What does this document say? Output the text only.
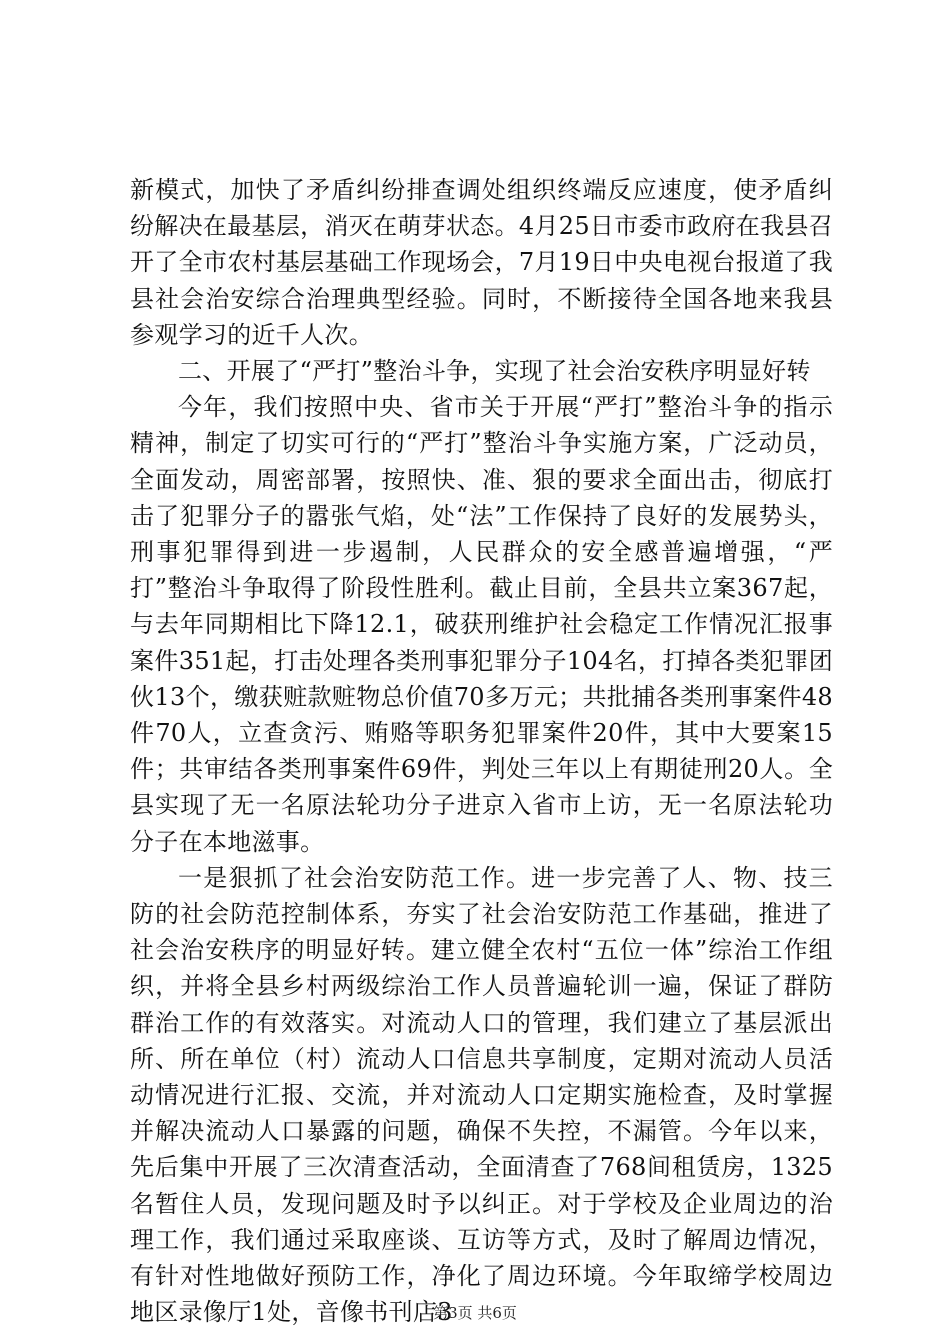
新模式，加快了矛盾纠纷排查调处组织终端反应速度，使矛盾纠纷解决在最基层，消灭在萌芽状态。4月25日市委市政府在我县召开了全市农村基层基础工作现场会，7月19日中央电视台报道了我县社会治安综合治理典型经验。同时，不断接待全国各地来我县参观学习的近千人次。

二、开展了“严打”整治斗争，实现了社会治安秩序明显好转

今年，我们按照中央、省市关于开展“严打”整治斗争的指示精神，制定了切实可行的“严打”整治斗争实施方案，广泛动员，全面发动，周密部署，按照快、准、狠的要求全面出击，彻底打击了犯罪分子的嚣张气焰，处“法”工作保持了良好的发展势头，刑事犯罪得到进一步遏制，人民群众的安全感普遍增强，“严打”整治斗争取得了阶段性胜利。截止目前，全县共立案367起，与去年同期相比下降12.1，破获刑维护社会稳定工作情况汇报事案件351起，打击处理各类刑事犯罪分子104名，打掉各类犯罪团伙13个，缴获赃款赃物总价值70多万元；共批捕各类刑事案件48件70人，立查贪污、贿赂等职务犯罪案件20件，其中大要案15件；共审结各类刑事案件69件，判处三年以上有期徒刑20人。全县实现了无一名原法轮功分子进京入省市上访，无一名原法轮功分子在本地滋事。

一是狠抓了社会治安防范工作。进一步完善了人、物、技三防的社会防范控制体系，夯实了社会治安防范工作基础，推进了社会治安秩序的明显好转。建立健全农村“五位一体”综治工作组织，并将全县乡村两级综治工作人员普遍轮训一遍，保证了群防群治工作的有效落实。对流动人口的管理，我们建立了基层派出所、所在单位（村）流动人口信息共享制度，定期对流动人员活动情况进行汇报、交流，并对流动人口定期实施检查，及时掌握并解决流动人口暴露的问题，确保不失控，不漏管。今年以来，先后集中开展了三次清查活动，全面清查了768间租赁房，1325名暂住人员，发现问题及时予以纠正。对于学校及企业周边的治理工作，我们通过采取座谈、互访等方式，及时了解周边情况，有针对性地做好预防工作，净化了周边环境。今年取缔学校周边地区录像厅1处，音像书刊店3

第3页 共6页
